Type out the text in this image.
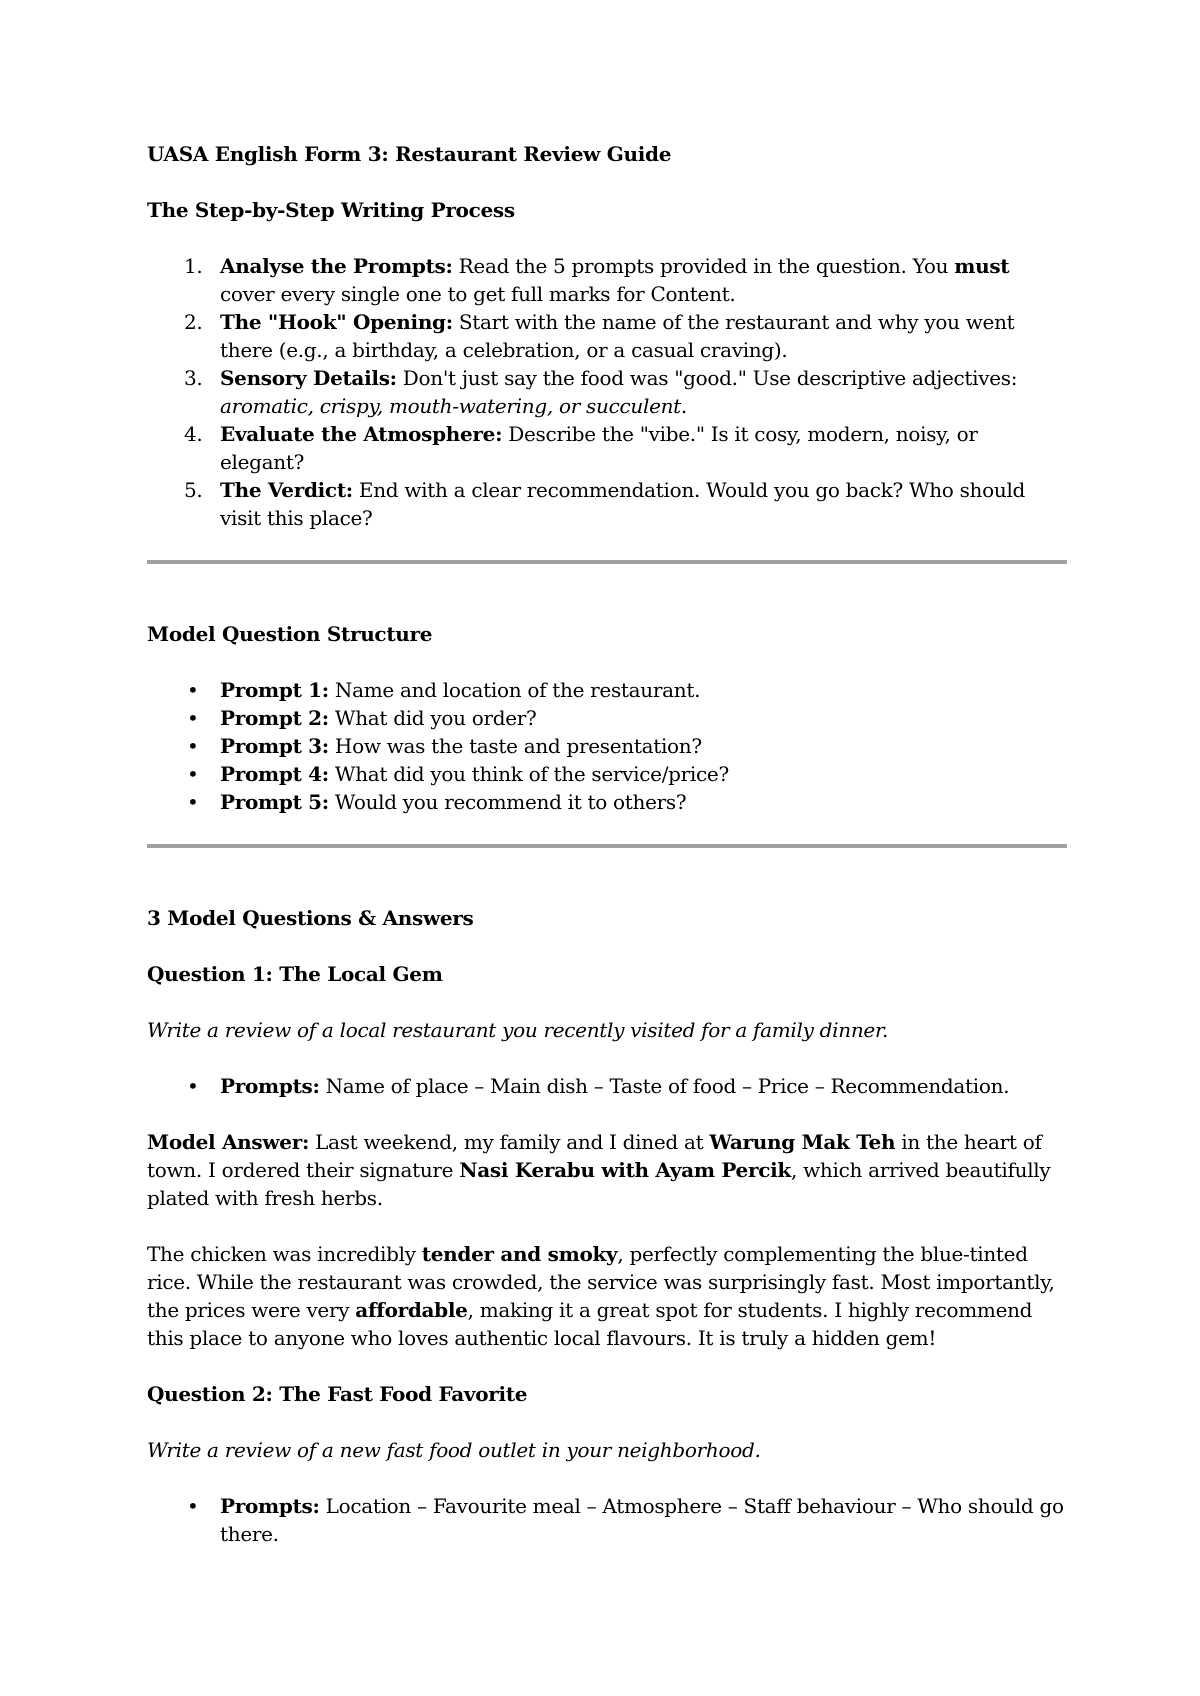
UASA English Form 3: Restaurant Review Guide
The Step-by-Step Writing Process
1. Analyse the Prompts: Read the 5 prompts provided in the question. You must cover every single one to get full marks for Content.
2. The "Hook" Opening: Start with the name of the restaurant and why you went there (e.g., a birthday, a celebration, or a casual craving).
3. Sensory Details: Don't just say the food was "good." Use descriptive adjectives: aromatic, crispy, mouth-watering, or succulent.
4. Evaluate the Atmosphere: Describe the "vibe." Is it cosy, modern, noisy, or elegant?
5. The Verdict: End with a clear recommendation. Would you go back? Who should visit this place?
Model Question Structure
• Prompt 1: Name and location of the restaurant.
• Prompt 2: What did you order?
• Prompt 3: How was the taste and presentation?
• Prompt 4: What did you think of the service/price?
• Prompt 5: Would you recommend it to others?
3 Model Questions & Answers
Question 1: The Local Gem

Write a review of a local restaurant you recently visited for a family dinner.

• Prompts: Name of place – Main dish – Taste of food – Price – Recommendation.

Model Answer: Last weekend, my family and I dined at Warung Mak Teh in the heart of town. I ordered their signature Nasi Kerabu with Ayam Percik, which arrived beautifully plated with fresh herbs.

The chicken was incredibly tender and smoky, perfectly complementing the blue-tinted rice. While the restaurant was crowded, the service was surprisingly fast. Most importantly, the prices were very affordable, making it a great spot for students. I highly recommend this place to anyone who loves authentic local flavours. It is truly a hidden gem!

Question 2: The Fast Food Favorite

Write a review of a new fast food outlet in your neighborhood.

• Prompts: Location – Favourite meal – Atmosphere – Staff behaviour – Who should go there.
